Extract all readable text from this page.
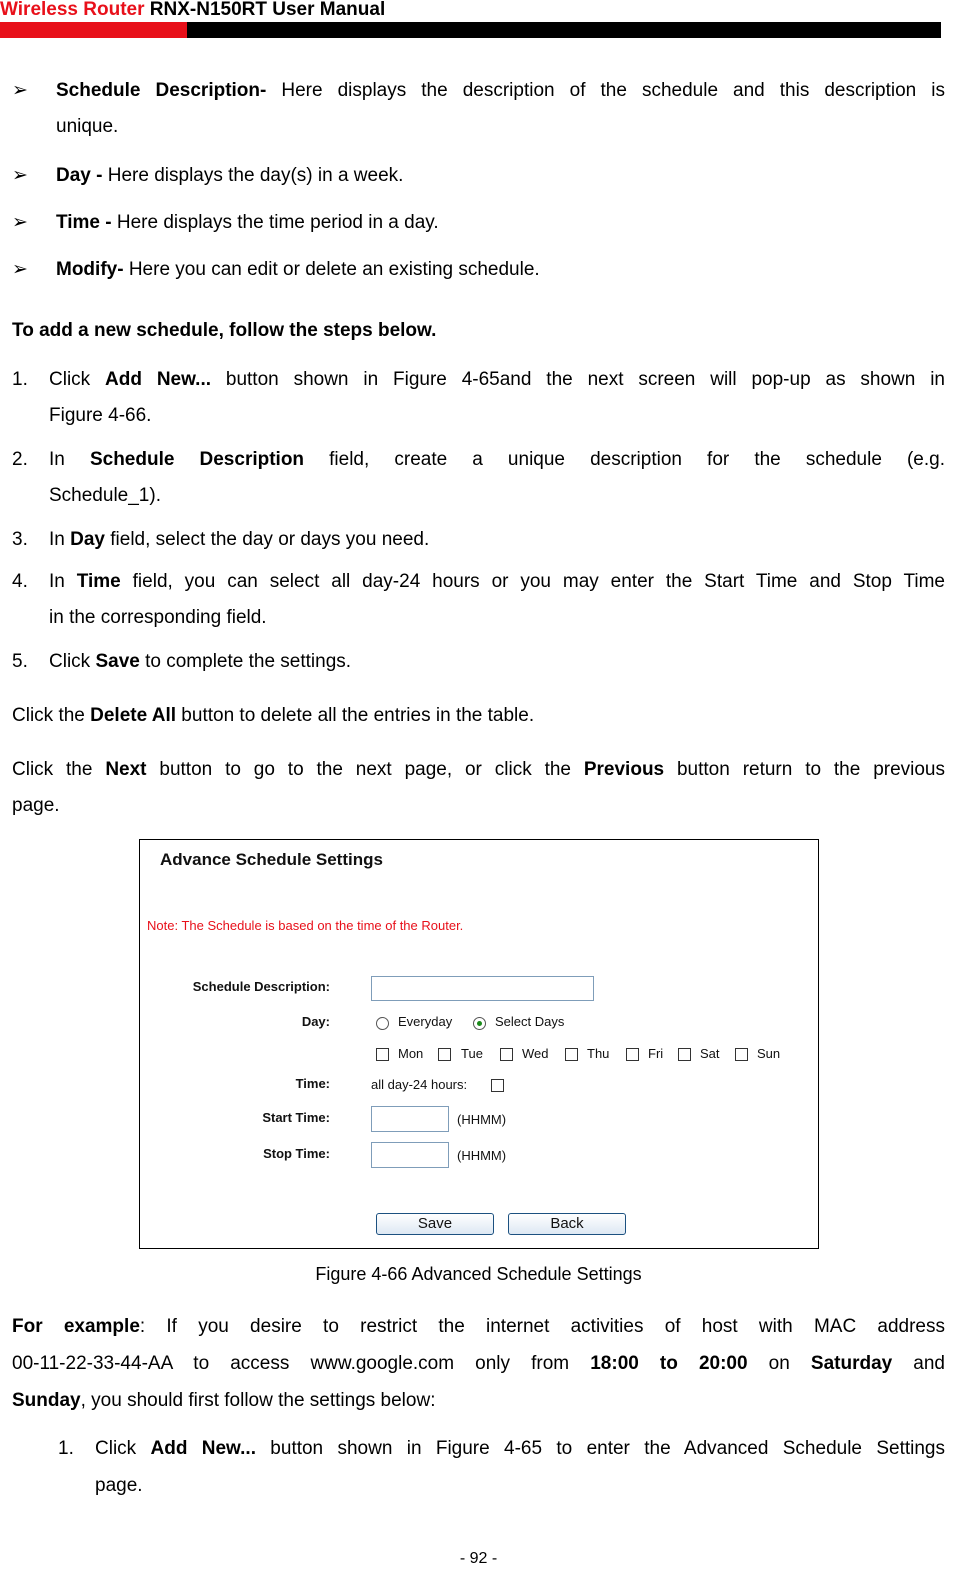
Wireless Router RNX-N150RT User Manual
➢ Schedule Description- Here displays the description of the schedule and this description is
unique.
➢ Day - Here displays the day(s) in a week.
➢ Time - Here displays the time period in a day.
➢ Modify- Here you can edit or delete an existing schedule.
To add a new schedule, follow the steps below.
1. Click Add New... button shown in Figure 4-65and the next screen will pop-up as shown in
Figure 4-66.
2. In Schedule Description field, create a unique description for the schedule (e.g.
Schedule_1).
3. In Day field, select the day or days you need.
4. In Time field, you can select all day-24 hours or you may enter the Start Time and Stop Time
in the corresponding field.
5. Click Save to complete the settings.
Click the Delete All button to delete all the entries in the table.
Click the Next button to go to the next page, or click the Previous button return to the previous
page.
Advance Schedule Settings
Note: The Schedule is based on the time of the Router.
Schedule Description:
Day:	Everyday	Select Days
Mon	Tue	Wed	Thu	Fri	Sat	Sun
Time:	all day-24 hours:
Start Time:	(HHMM)
Stop Time:	(HHMM)
Save	Back
Figure 4-66 Advanced Schedule Settings
For example: If you desire to restrict the internet activities of host with MAC address
00-11-22-33-44-AA to access www.google.com only from 18:00 to 20:00 on Saturday and
Sunday, you should first follow the settings below:
1. Click Add New... button shown in Figure 4-65 to enter the Advanced Schedule Settings
page.
- 92 -
